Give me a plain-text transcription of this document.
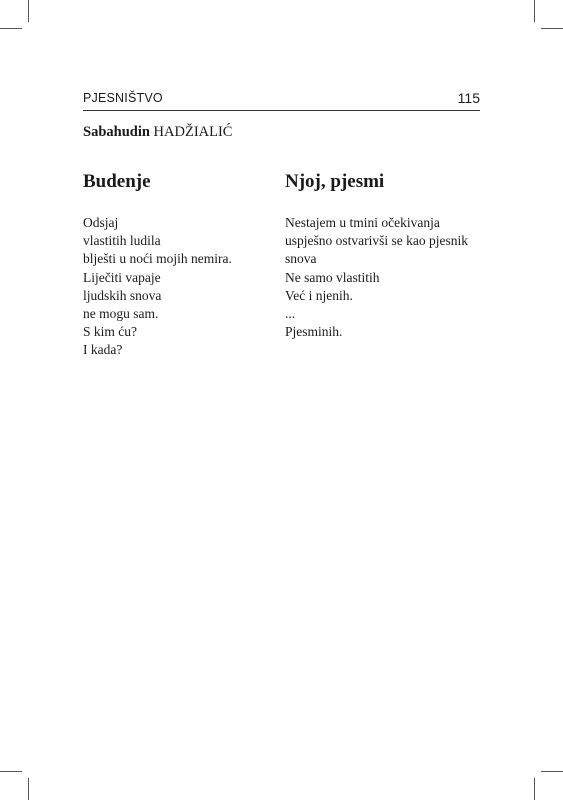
PJESNIŠTVO	115
Sabahudin HADŽIALIĆ
Budenje
Odsjaj
vlastitih ludila
blješti u noći mojih nemira.
Liječiti vapaje
ljudskih snova
ne mogu sam.
S kim ću?
I kada?
Njoj, pjesmi
Nestajem u tmini očekivanja
uspješno ostvarivši se kao pjesnik
snova
Ne samo vlastitih
Već i njenih.
...
Pjesminih.
